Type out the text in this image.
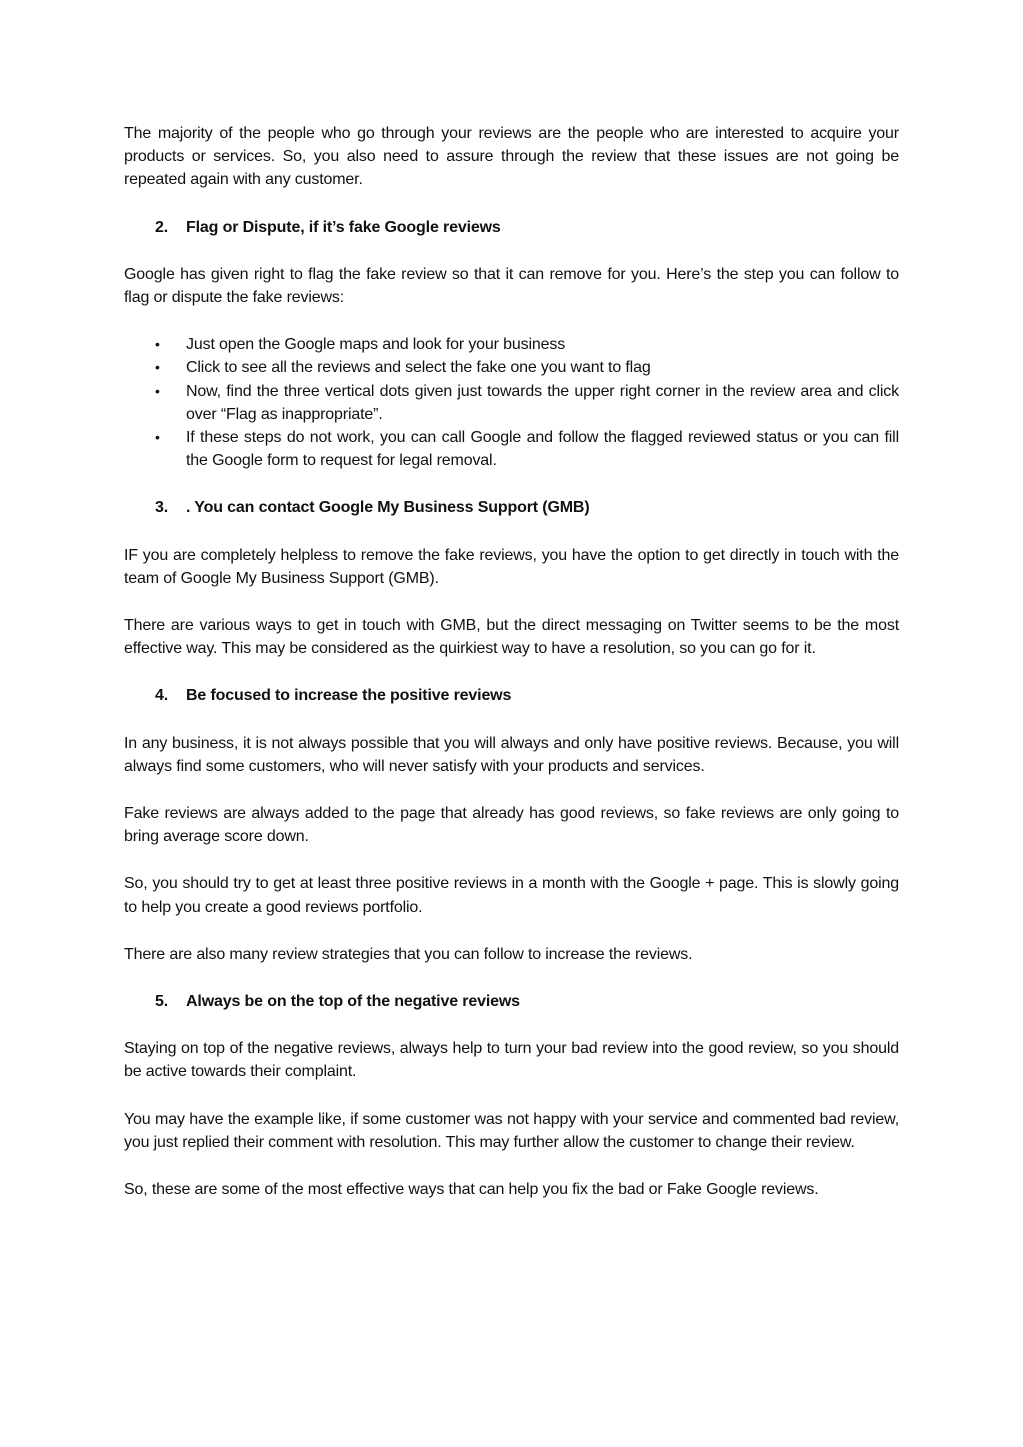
The majority of the people who go through your reviews are the people who are interested to acquire your products or services. So, you also need to assure through the review that these issues are not going be repeated again with any customer.

2.	Flag or Dispute, if it’s fake Google reviews

Google has given right to flag the fake review so that it can remove for you. Here’s the step you can follow to flag or dispute the fake reviews:

•	Just open the Google maps and look for your business
•	Click to see all the reviews and select the fake one you want to flag
•	Now, find the three vertical dots given just towards the upper right corner in the review area and click over “Flag as inappropriate”.
•	If these steps do not work, you can call Google and follow the flagged reviewed status or you can fill the Google form to request for legal removal.
3.	. You can contact Google My Business Support (GMB)

IF you are completely helpless to remove the fake reviews, you have the option to get directly in touch with the team of Google My Business Support (GMB).

There are various ways to get in touch with GMB, but the direct messaging on Twitter seems to be the most effective way. This may be considered as the quirkiest way to have a resolution, so you can go for it.

4.	Be focused to increase the positive reviews

In any business, it is not always possible that you will always and only have positive reviews. Because, you will always find some customers, who will never satisfy with your products and services.

Fake reviews are always added to the page that already has good reviews, so fake reviews are only going to bring average score down.

So, you should try to get at least three positive reviews in a month with the Google + page. This is slowly going to help you create a good reviews portfolio.

There are also many review strategies that you can follow to increase the reviews.

5.	Always be on the top of the negative reviews

Staying on top of the negative reviews, always help to turn your bad review into the good review, so you should be active towards their complaint.

You may have the example like, if some customer was not happy with your service and commented bad review, you just replied their comment with resolution. This may further allow the customer to change their review.

So, these are some of the most effective ways that can help you fix the bad or Fake Google reviews.
